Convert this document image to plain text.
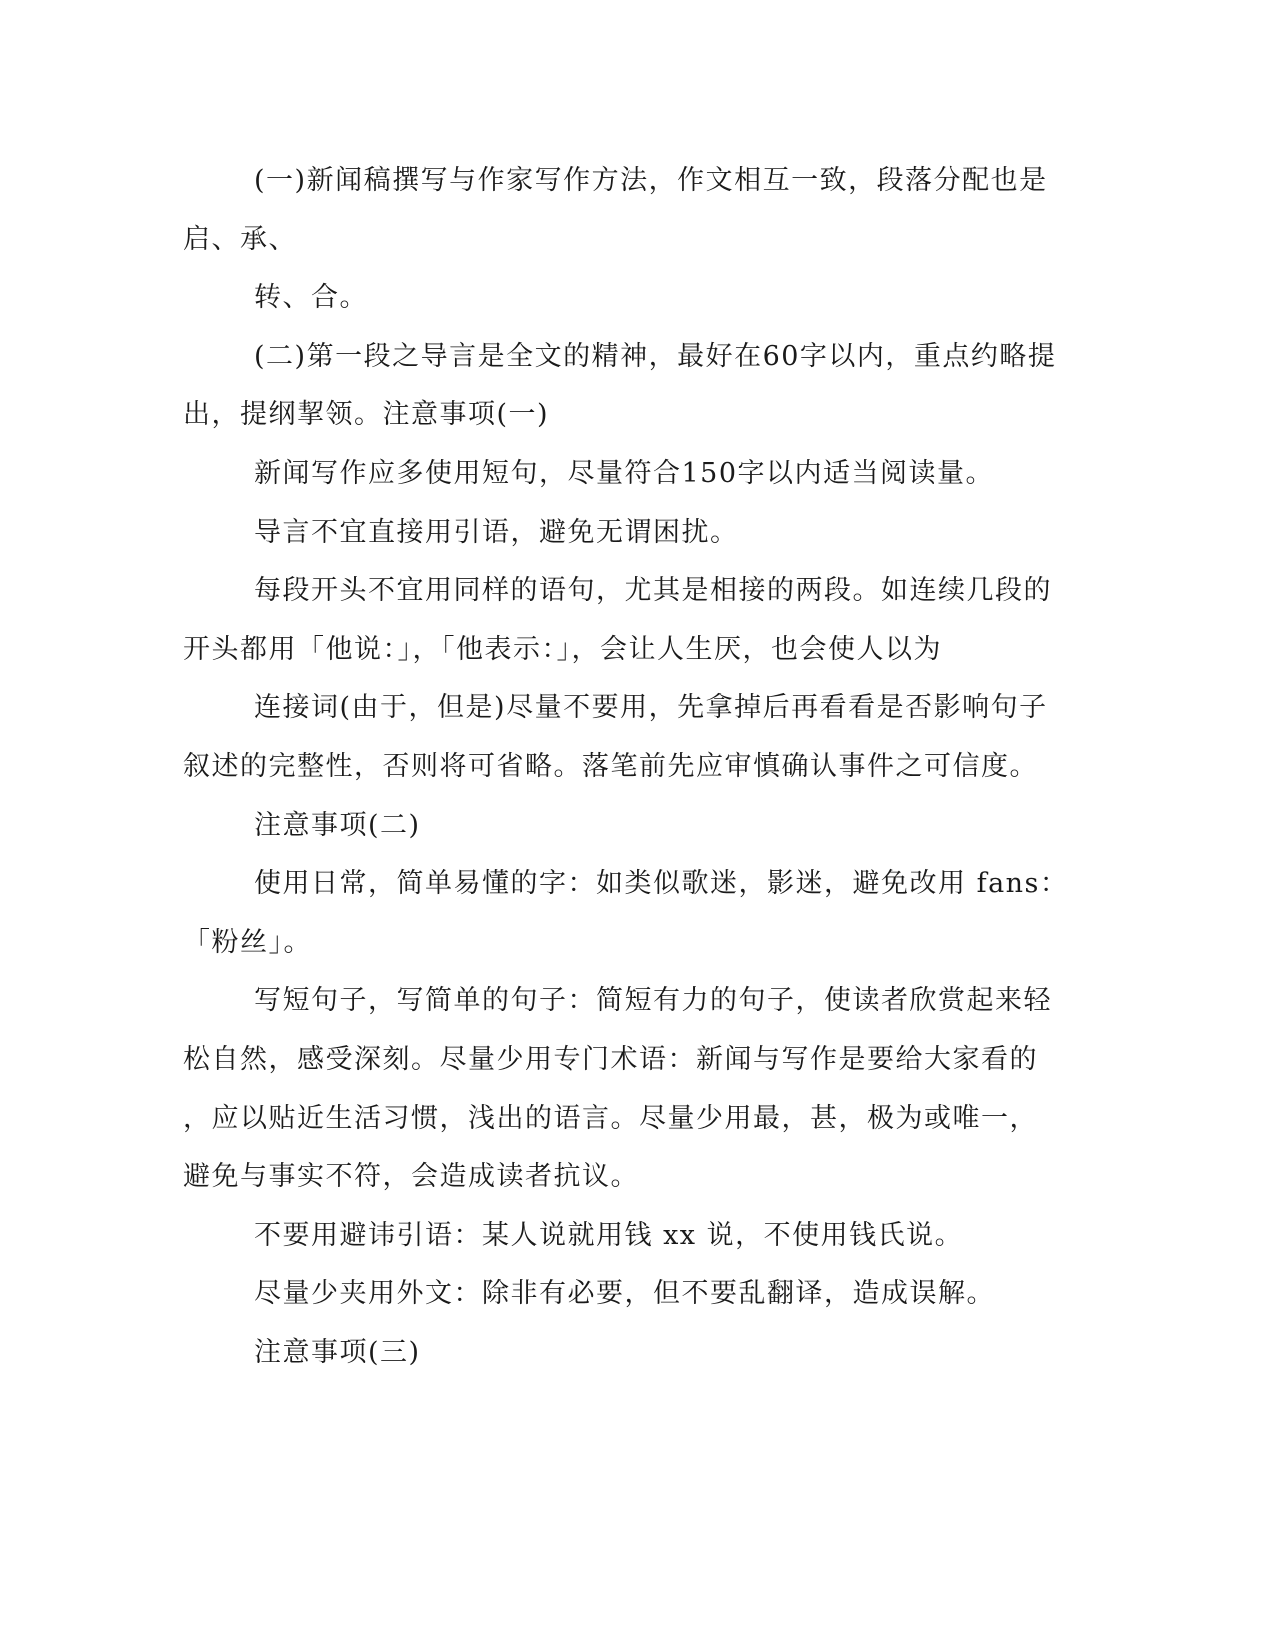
(一)新闻稿撰写与作家写作方法，作文相互一致，段落分配也是
启、承、
转、合。
(二)第一段之导言是全文的精神，最好在60字以内，重点约略提
出，提纲挈领。注意事项(一)
新闻写作应多使用短句，尽量符合150字以内适当阅读量。
导言不宜直接用引语，避免无谓困扰。
每段开头不宜用同样的语句，尤其是相接的两段。如连续几段的
开头都用「他说：」，「他表示：」，会让人生厌，也会使人以为
连接词(由于，但是)尽量不要用，先拿掉后再看看是否影响句子
叙述的完整性，否则将可省略。落笔前先应审慎确认事件之可信度。
注意事项(二)
使用日常，简单易懂的字：如类似歌迷，影迷，避免改用 fans：
「粉丝」。
写短句子，写简单的句子：简短有力的句子，使读者欣赏起来轻
松自然，感受深刻。尽量少用专门术语：新闻与写作是要给大家看的
，应以贴近生活习惯，浅出的语言。尽量少用最，甚，极为或唯一，
避免与事实不符，会造成读者抗议。
不要用避讳引语：某人说就用钱 xx 说，不使用钱氏说。
尽量少夹用外文：除非有必要，但不要乱翻译，造成误解。
注意事项(三)
